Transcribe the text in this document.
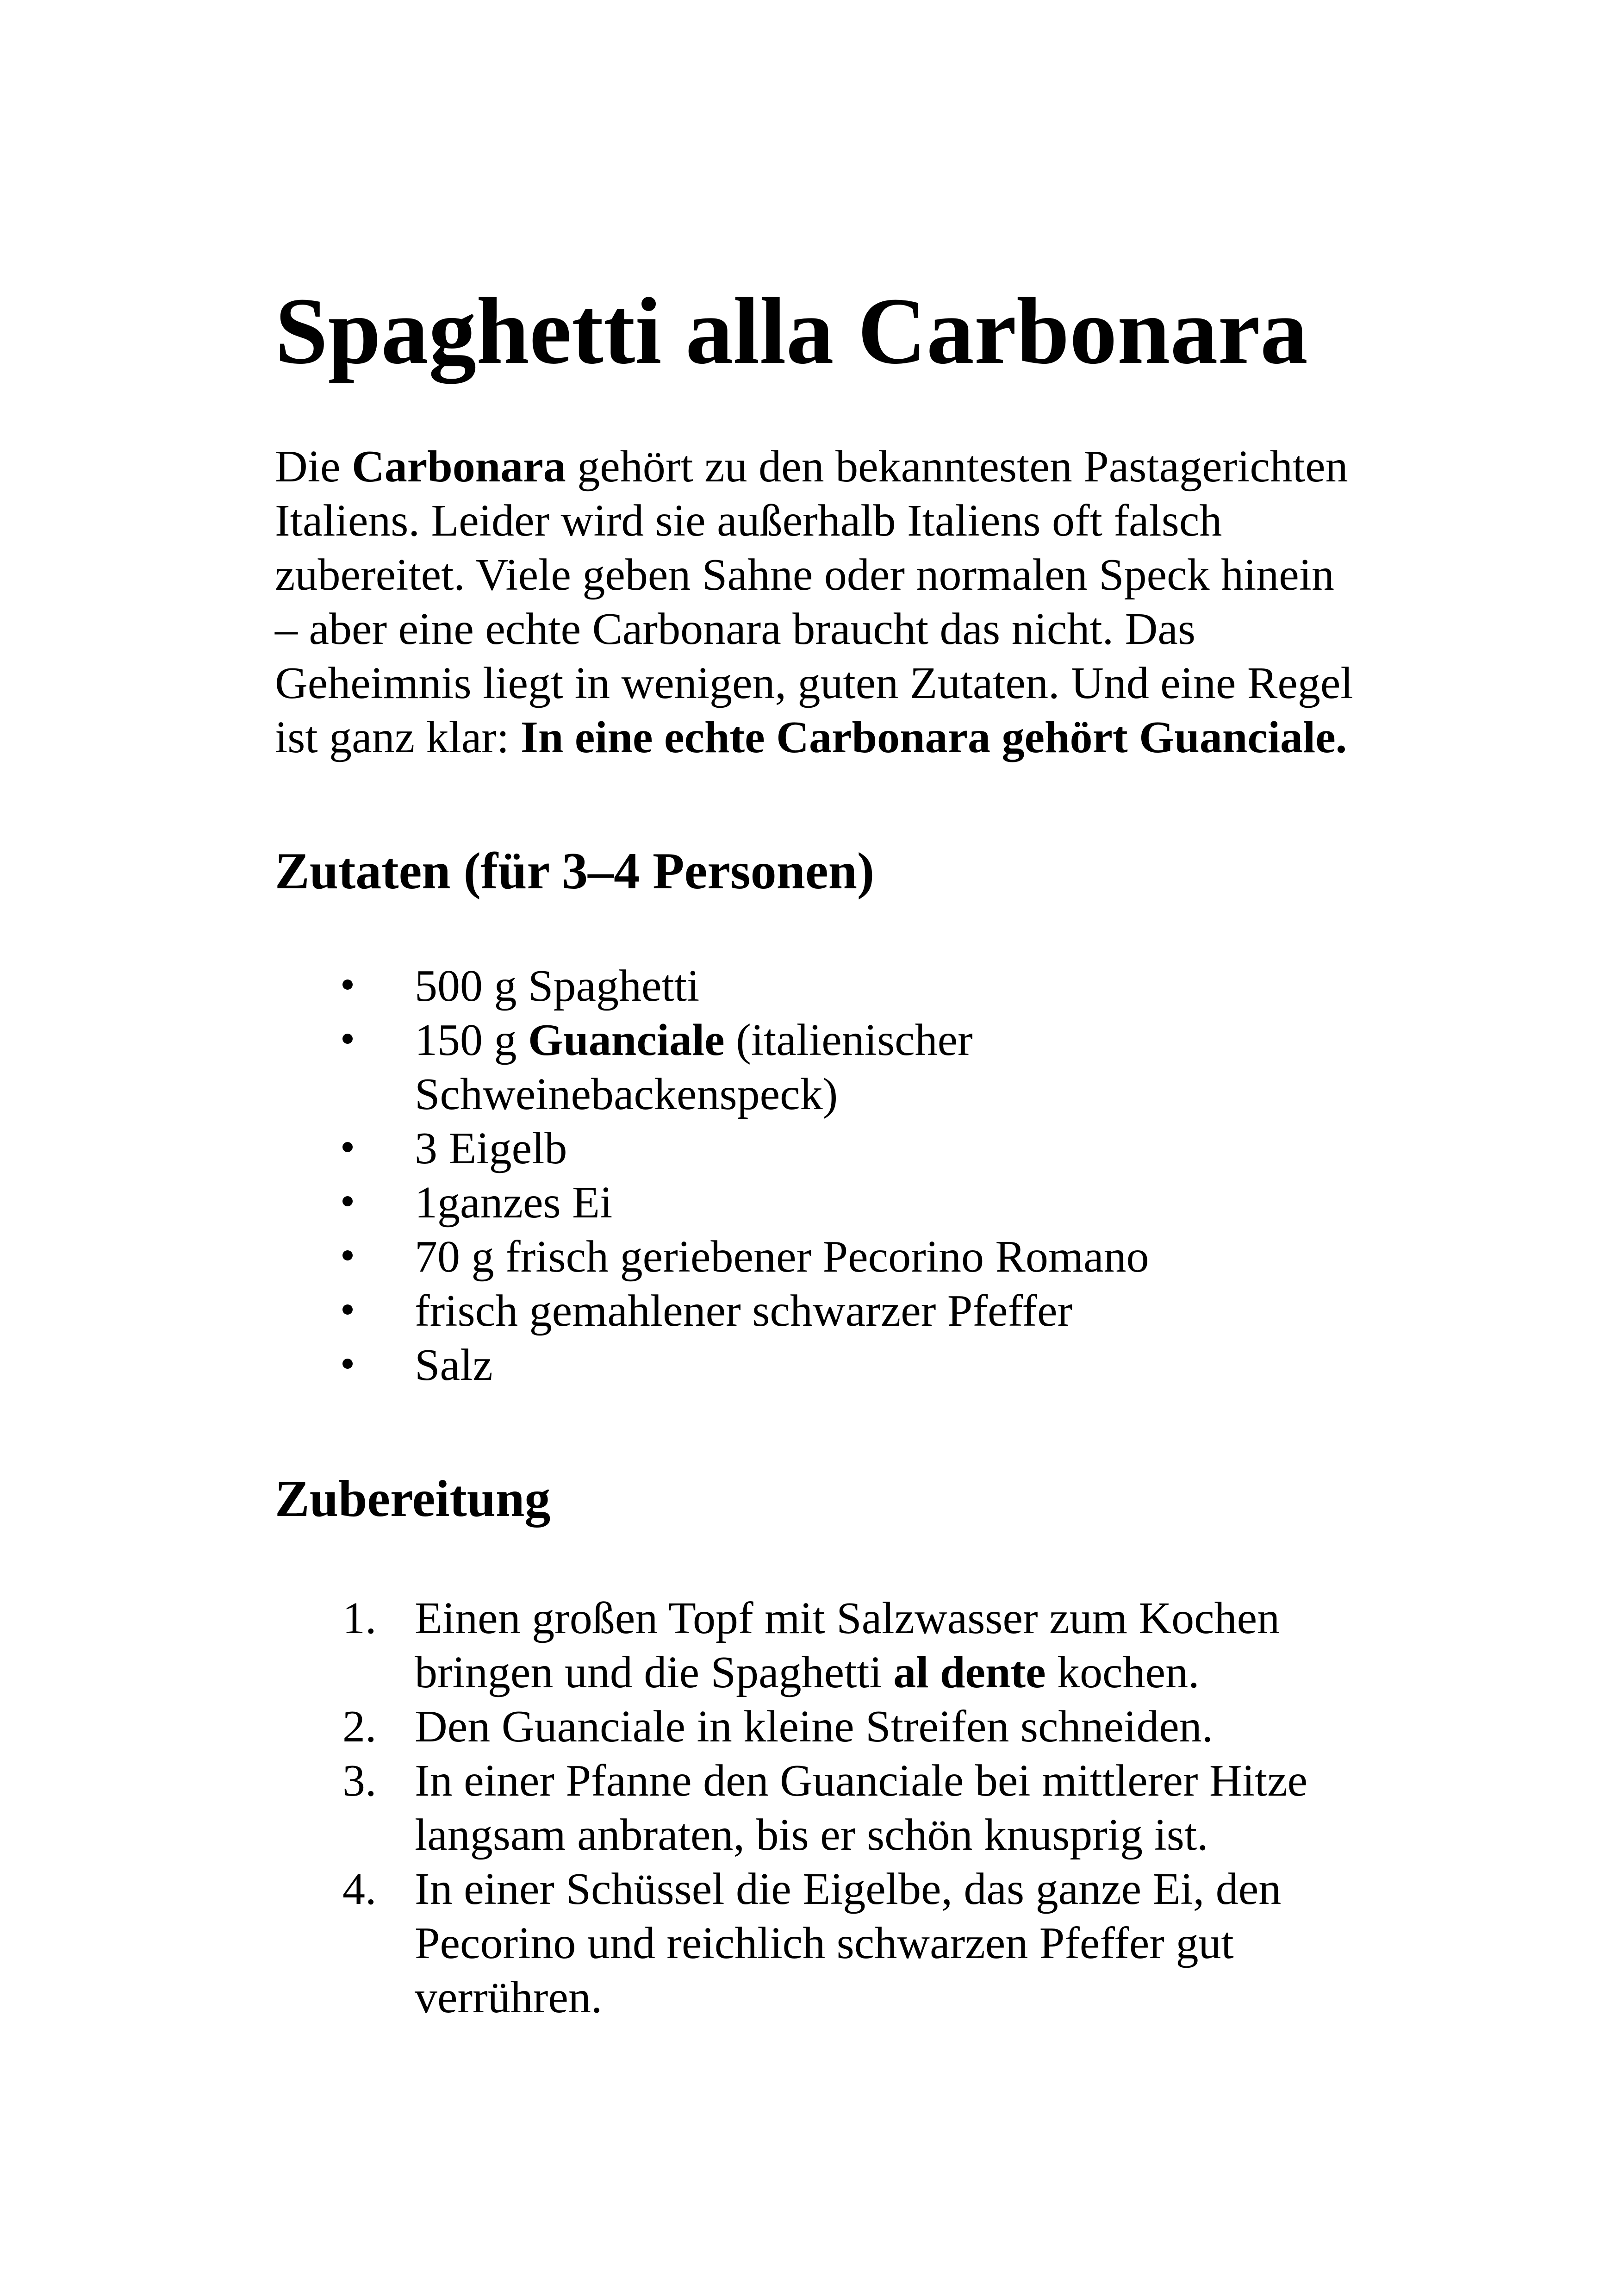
Spaghetti alla Carbonara

Die Carbonara gehört zu den bekanntesten Pastagerichten Italiens. Leider wird sie außerhalb Italiens oft falsch zubereitet. Viele geben Sahne oder normalen Speck hinein – aber eine echte Carbonara braucht das nicht. Das Geheimnis liegt in wenigen, guten Zutaten. Und eine Regel ist ganz klar: In eine echte Carbonara gehört Guanciale.

Zutaten (für 3–4 Personen)
500 g Spaghetti
150 g Guanciale (italienischer Schweinebackenspeck)
3 Eigelb
1ganzes Ei
70 g frisch geriebener Pecorino Romano
frisch gemahlener schwarzer Pfeffer
Salz
Zubereitung
1. Einen großen Topf mit Salzwasser zum Kochen bringen und die Spaghetti al dente kochen.
2. Den Guanciale in kleine Streifen schneiden.
3. In einer Pfanne den Guanciale bei mittlerer Hitze langsam anbraten, bis er schön knusprig ist.
4. In einer Schüssel die Eigelbe, das ganze Ei, den Pecorino und reichlich schwarzen Pfeffer gut verrühren.
